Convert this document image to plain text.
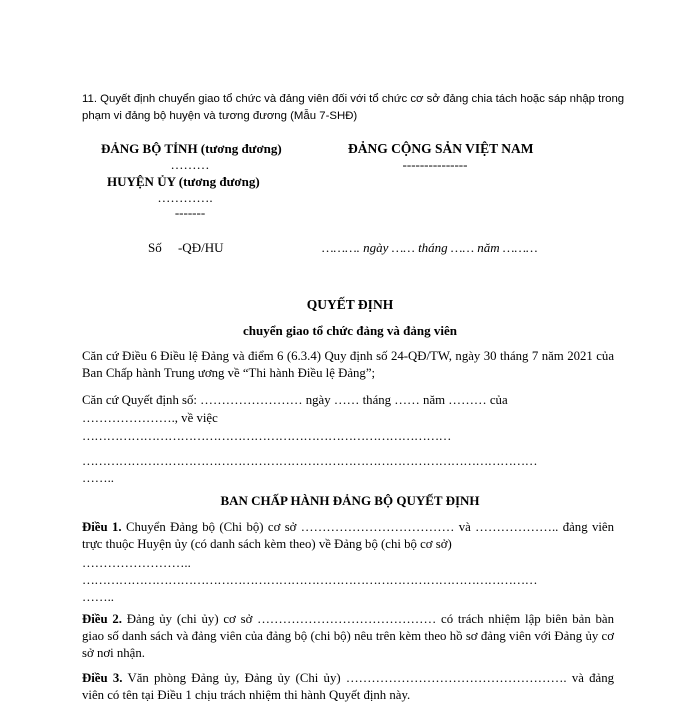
11. Quyết định chuyển giao tổ chức và đảng viên đối với tổ chức cơ sở đảng chia tách hoặc sáp nhập trong phạm vi đảng bộ huyện và tương đương (Mẫu 7-SHĐ)
ĐẢNG BỘ TỈNH (tương đương)
………
HUYỆN ỦY (tương đương)
………….
-------
ĐẢNG CỘNG SẢN VIỆT NAM
---------------
Số     -QĐ/HU	………. ngày …… tháng …… năm ………
QUYẾT ĐỊNH
chuyển giao tổ chức đảng và đảng viên
Căn cứ Điều 6 Điều lệ Đảng và điểm 6 (6.3.4) Quy định số 24-QĐ/TW, ngày 30 tháng 7 năm 2021 của Ban Chấp hành Trung ương về “Thi hành Điều lệ Đảng”;
Căn cứ Quyết định số: …………………… ngày …… tháng …… năm ……… của
…………………., về việc
………………………………………………………………………………
…………………………………………………………………………………………………
……..
BAN CHẤP HÀNH ĐẢNG BỘ QUYẾT ĐỊNH
Điều 1. Chuyển Đảng bộ (Chi bộ) cơ sở ……………………………… và ……………….. đảng viên trực thuộc Huyện ủy (có danh sách kèm theo) về Đảng bộ (chi bộ cơ sở)
……………………..
…………………………………………………………………………………………………
……..
Điều 2. Đảng ủy (chi ủy) cơ sở …………………………………… có trách nhiệm lập biên bản bàn giao số danh sách và đảng viên của đảng bộ (chi bộ) nêu trên kèm theo hồ sơ đảng viên với Đảng ủy cơ sở nơi nhận.
Điều 3. Văn phòng Đảng ủy, Đảng ủy (Chi ủy) ……………………………………………. và đảng viên có tên tại Điều 1 chịu trách nhiệm thi hành Quyết định này.
